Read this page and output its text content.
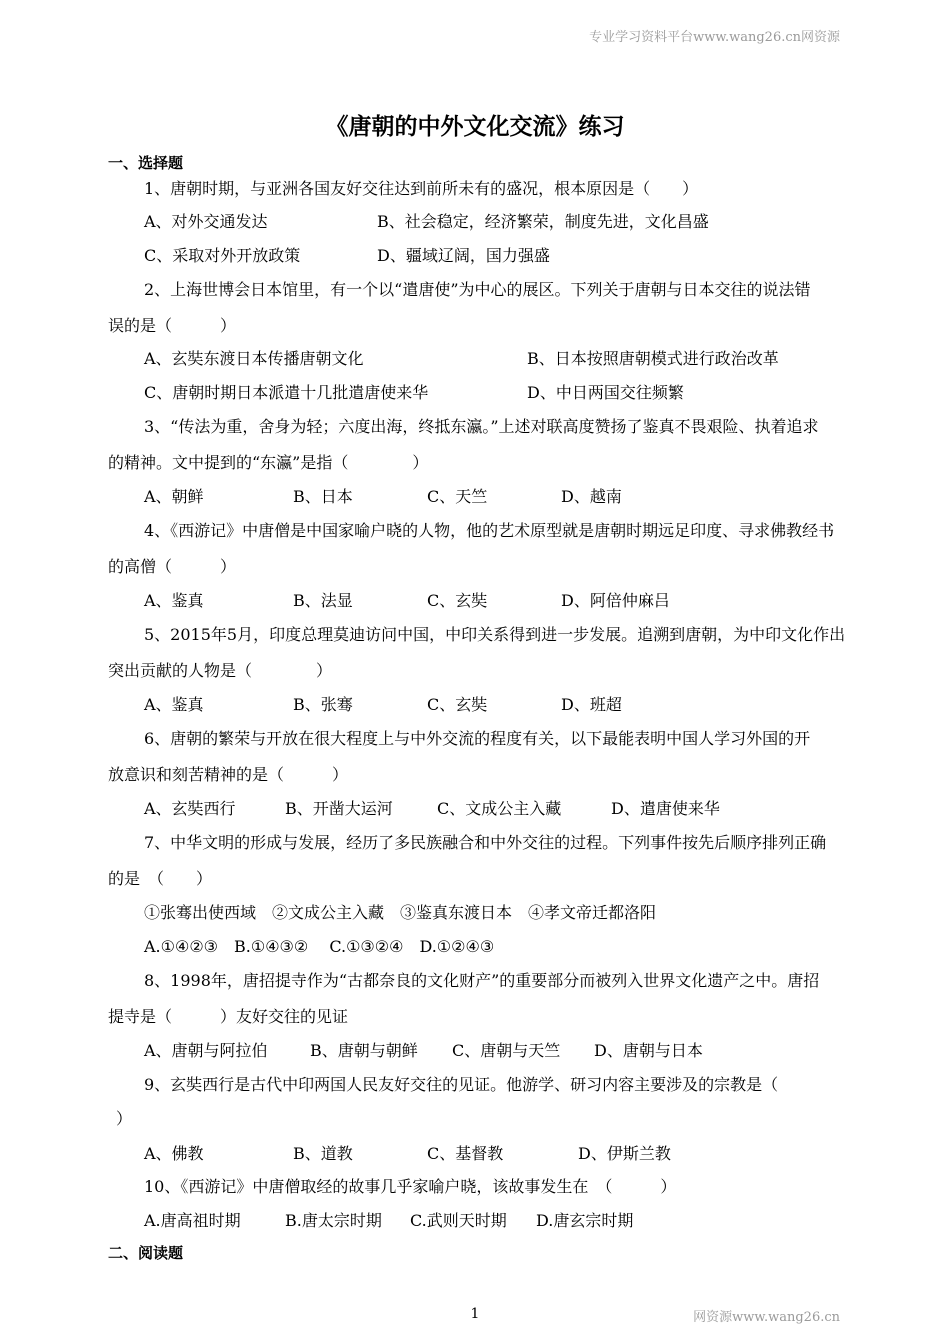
专业学习资料平台www.wang26.cn网资源
《唐朝的中外文化交流》练习
一、选择题
1、唐朝时期，与亚洲各国友好交往达到前所未有的盛况，根本原因是（　　）
A、对外交通发达	B、社会稳定，经济繁荣，制度先进，文化昌盛
C、采取对外开放政策	D、疆域辽阔，国力强盛
2、上海世博会日本馆里，有一个以“遣唐使”为中心的展区。下列关于唐朝与日本交往的说法错
误的是（　　　）
A、玄奘东渡日本传播唐朝文化	B、日本按照唐朝模式进行政治改革
C、唐朝时期日本派遣十几批遣唐使来华	D、中日两国交往频繁
3、“传法为重，舍身为轻；六度出海，终抵东瀛。”上述对联高度赞扬了鉴真不畏艰险、执着追求
的精神。文中提到的“东瀛”是指（　　　　）
A、朝鲜	B、日本	C、天竺	D、越南
4、《西游记》中唐僧是中国家喻户晓的人物，他的艺术原型就是唐朝时期远足印度、寻求佛教经书
的高僧（　　　）
A、鉴真	B、法显	C、玄奘	D、阿倍仲麻吕
5、2015年5月，印度总理莫迪访问中国，中印关系得到进一步发展。追溯到唐朝，为中印文化作出
突出贡献的人物是（　　　　）
A、鉴真	B、张骞	C、玄奘	D、班超
6、唐朝的繁荣与开放在很大程度上与中外交流的程度有关，以下最能表明中国人学习外国的开
放意识和刻苦精神的是（　　　）
A、玄奘西行	B、开凿大运河	C、文成公主入藏	D、遣唐使来华
7、中华文明的形成与发展，经历了多民族融合和中外交往的过程。下列事件按先后顺序排列正确
的是　（　　）
①张骞出使西域　②文成公主入藏　③鉴真东渡日本　④孝文帝迁都洛阳
A.①④②③　B.①④③②　 C.①③②④　D.①②④③
8、1998年，唐招提寺作为“古都奈良的文化财产”的重要部分而被列入世界文化遗产之中。唐招
提寺是（　　　）友好交往的见证
A、唐朝与阿拉伯	B、唐朝与朝鲜 C、唐朝与天竺 D、唐朝与日本
9、玄奘西行是古代中印两国人民友好交往的见证。他游学、研习内容主要涉及的宗教是（
）
A、佛教	B、道教	C、基督教	D、伊斯兰教
10、《西游记》中唐僧取经的故事几乎家喻户晓，该故事发生在　（　　　）
A.唐高祖时期	B.唐太宗时期 C.武则天时期 D.唐玄宗时期
二、阅读题
1	网资源www.wang26.cn
